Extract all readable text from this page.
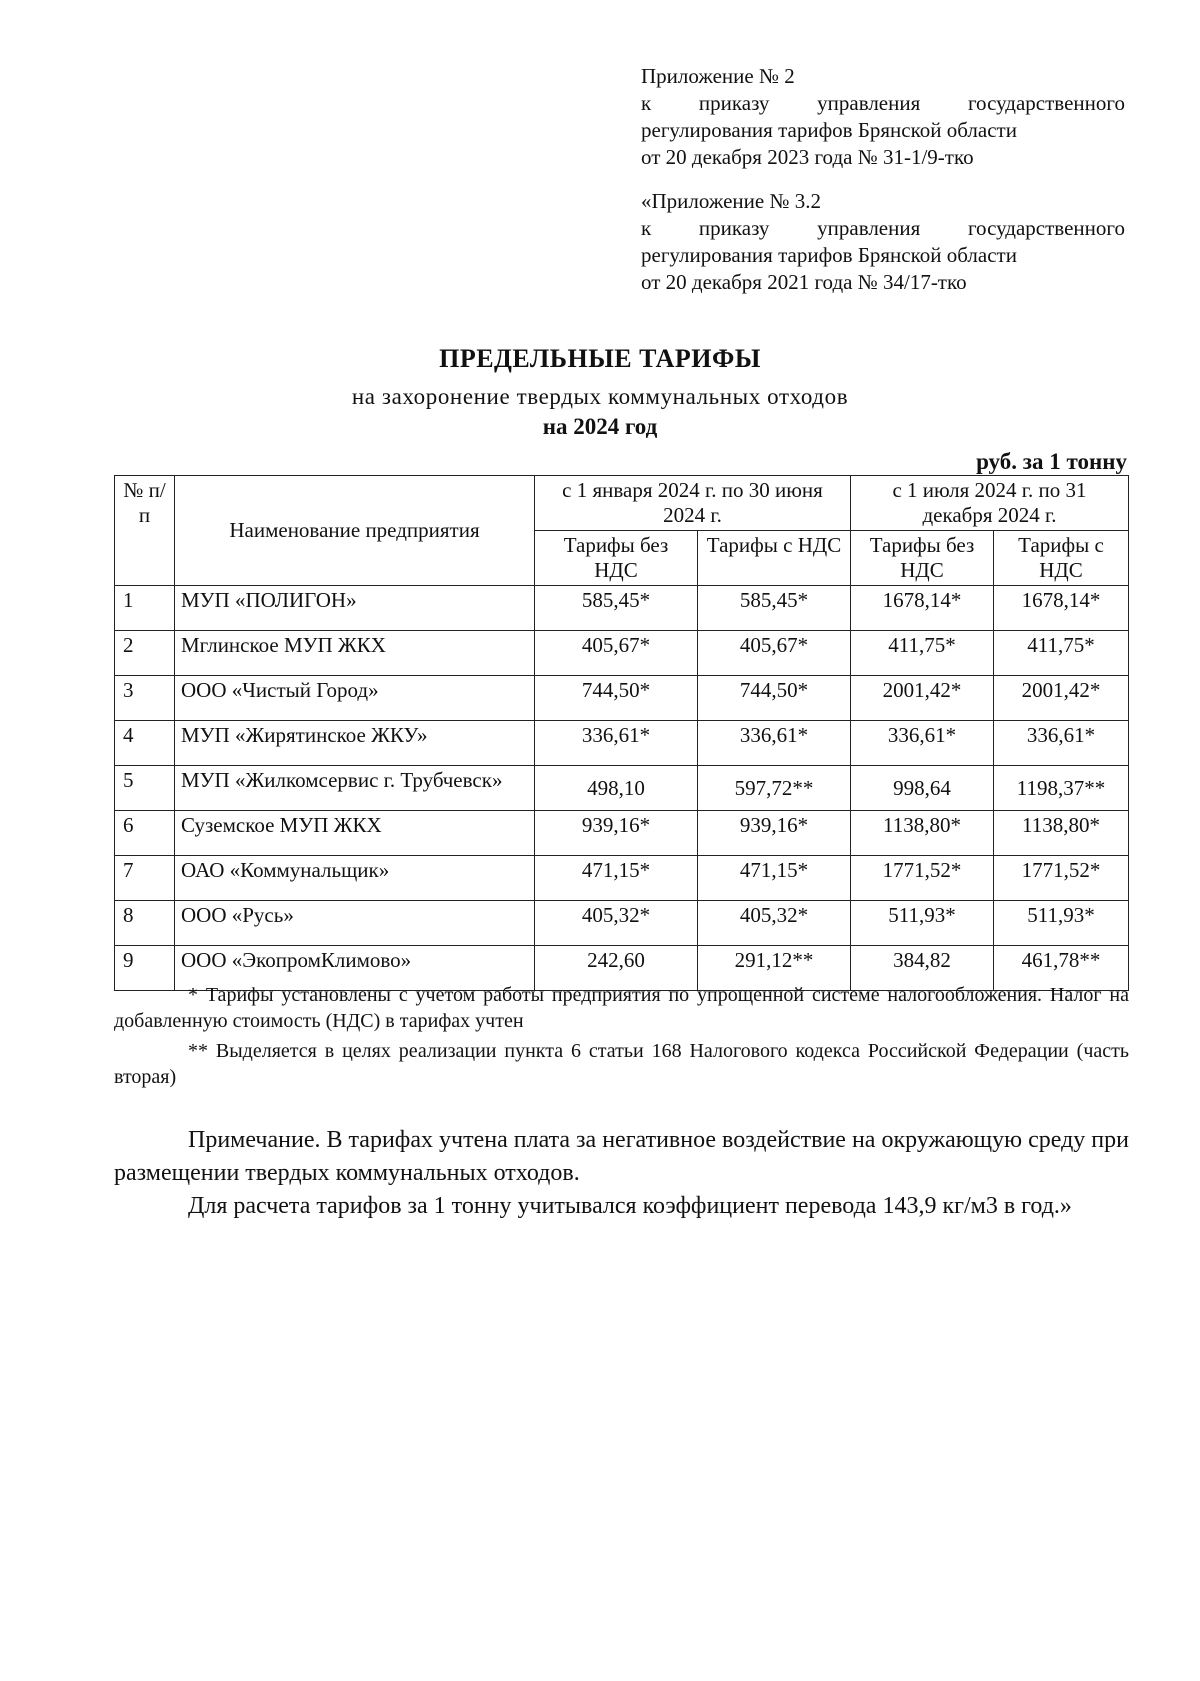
Приложение № 2
к приказу управления государственного
регулирования тарифов Брянской области
от 20 декабря 2023 года № 31-1/9-тко
«Приложение № 3.2
к приказу управления государственного
регулирования тарифов Брянской области
от 20 декабря 2021 года № 34/17-тко
ПРЕДЕЛЬНЫЕ ТАРИФЫ
на захоронение твердых коммунальных отходов
на 2024 год
руб. за 1 тонну
№ п/п	Наименование предприятия	с 1 января 2024 г. по 30 июня 2024 г.		с 1 июля 2024 г. по 31 декабря 2024 г.	
		Тарифы без НДС	Тарифы с НДС	Тарифы без НДС	Тарифы с НДС
1	МУП «ПОЛИГОН»	585,45*	585,45*	1678,14*	1678,14*
2	Мглинское МУП ЖКХ	405,67*	405,67*	411,75*	411,75*
3	ООО «Чистый Город»	744,50*	744,50*	2001,42*	2001,42*
4	МУП «Жирятинское ЖКУ»	336,61*	336,61*	336,61*	336,61*
5	МУП «Жилкомсервис г. Трубчевск»	498,10	597,72**	998,64	1198,37**
6	Суземское МУП ЖКХ	939,16*	939,16*	1138,80*	1138,80*
7	ОАО «Коммунальщик»	471,15*	471,15*	1771,52*	1771,52*
8	ООО «Русь»	405,32*	405,32*	511,93*	511,93*
9	ООО «ЭкопромКлимово»	242,60	291,12**	384,82	461,78**
* Тарифы установлены с учетом работы предприятия по упрощенной системе налогообложения. Налог на добавленную стоимость (НДС) в тарифах учтен
** Выделяется в целях реализации пункта 6 статьи 168 Налогового кодекса Российской Федерации (часть вторая)
Примечание. В тарифах учтена плата за негативное воздействие на окружающую среду при размещении твердых коммунальных отходов.
Для расчета тарифов за 1 тонну учитывался коэффициент перевода 143,9 кг/м3 в год.»
